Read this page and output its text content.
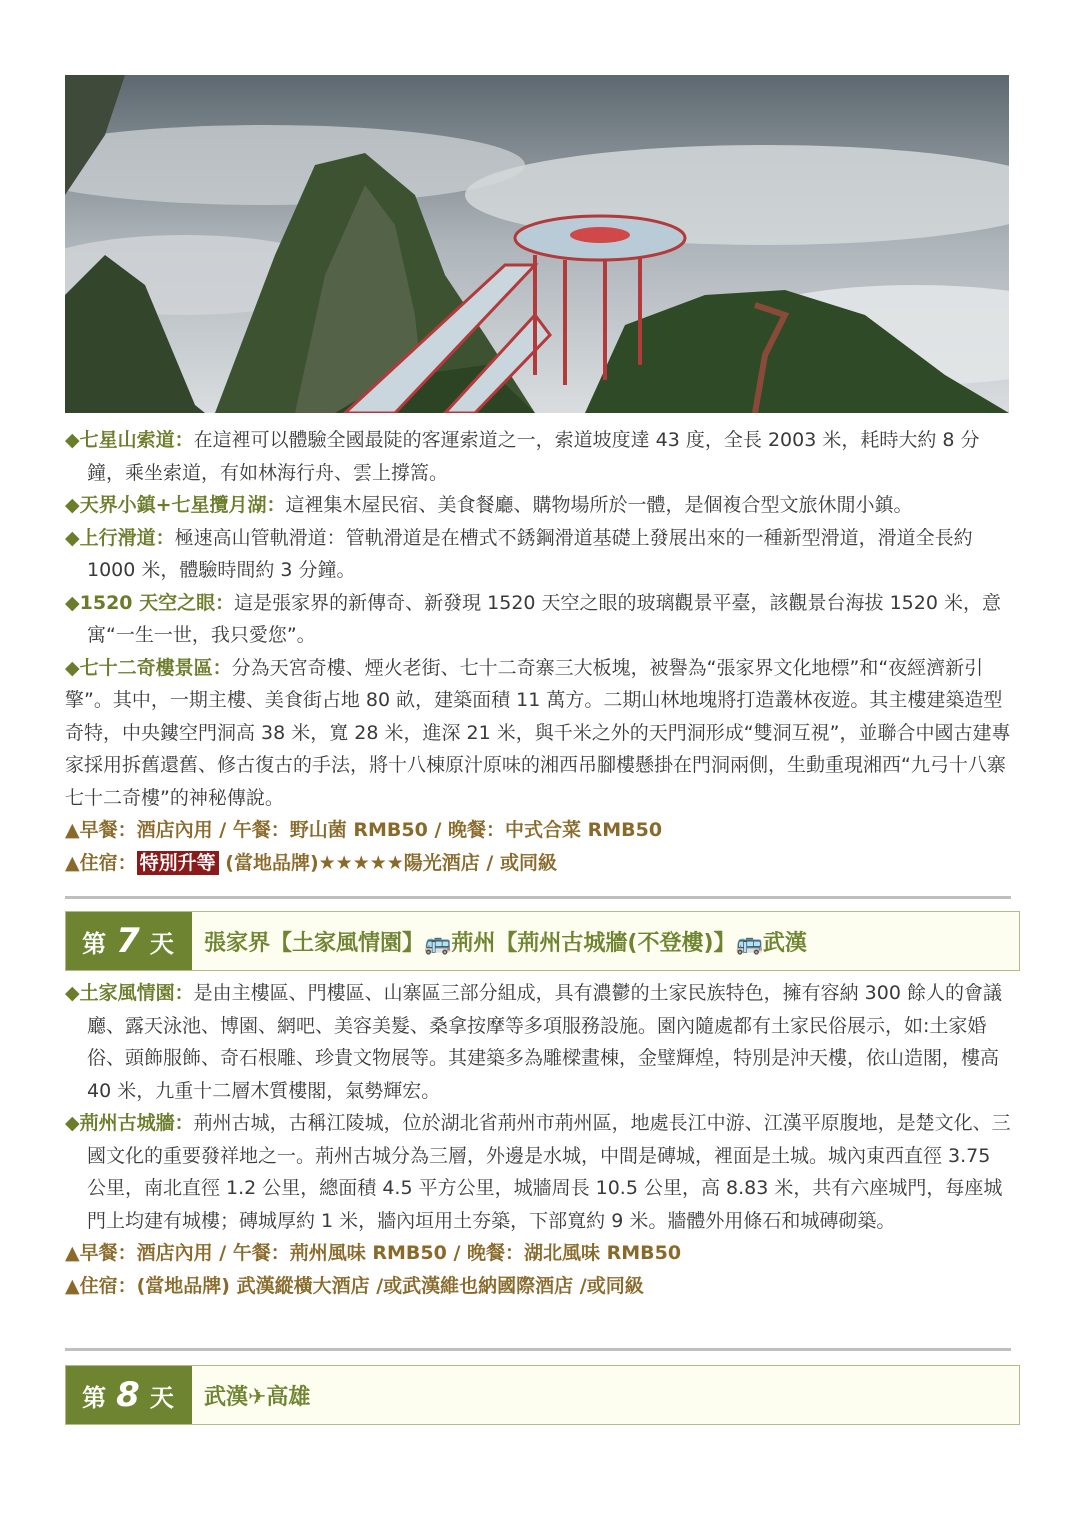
◆七星山索道：在這裡可以體驗全國最陡的客運索道之一，索道坡度達 43 度，全長 2003 米，耗時大約 8 分鐘，乘坐索道，有如林海行舟、雲上撐篙。
◆天界小鎮+七星攬月湖：這裡集木屋民宿、美食餐廳、購物場所於一體，是個複合型文旅休閒小鎮。
◆上行滑道：極速高山管軌滑道：管軌滑道是在槽式不銹鋼滑道基礎上發展出來的一種新型滑道，滑道全長約 1000 米，體驗時間約 3 分鐘。
◆1520 天空之眼：這是張家界的新傳奇、新發現 1520 天空之眼的玻璃觀景平臺，該觀景台海拔 1520 米，意寓“一生一世，我只愛您”。
◆七十二奇樓景區：分為天宮奇樓、煙火老街、七十二奇寨三大板塊，被譽為“張家界文化地標”和“夜經濟新引擎”。其中，一期主樓、美食街占地 80 畝，建築面積 11 萬方。二期山林地塊將打造叢林夜遊。其主樓建築造型奇特，中央鏤空門洞高 38 米，寬 28 米，進深 21 米，與千米之外的天門洞形成“雙洞互視”，並聯合中國古建專家採用拆舊還舊、修古復古的手法，將十八棟原汁原味的湘西吊腳樓懸掛在門洞兩側，生動重現湘西“九弓十八寨七十二奇樓”的神秘傳說。
▲早餐：酒店內用 / 午餐：野山菌 RMB50 / 晚餐：中式合菜 RMB50
▲住宿： 特別升等 (當地品牌)★★★★★陽光酒店 / 或同級
第 7 天 張家界【土家風情園】🚌荊州【荊州古城牆(不登樓)】🚌武漢
◆土家風情園：是由主樓區、門樓區、山寨區三部分組成，具有濃鬱的土家民族特色，擁有容納 300 餘人的會議廳、露天泳池、博園、網吧、美容美髮、桑拿按摩等多項服務設施。園內隨處都有土家民俗展示，如:土家婚俗、頭飾服飾、奇石根雕、珍貴文物展等。其建築多為雕樑畫棟，金璧輝煌，特別是沖天樓，依山造閣，樓高 40 米，九重十二層木質樓閣，氣勢輝宏。
◆荊州古城牆：荊州古城，古稱江陵城，位於湖北省荊州市荊州區，地處長江中游、江漢平原腹地，是楚文化、三國文化的重要發祥地之一。荊州古城分為三層，外邊是水城，中間是磚城，裡面是土城。城內東西直徑 3.75 公里，南北直徑 1.2 公里，總面積 4.5 平方公里，城牆周長 10.5 公里，高 8.83 米，共有六座城門，每座城門上均建有城樓；磚城厚約 1 米，牆內垣用土夯築，下部寬約 9 米。牆體外用條石和城磚砌築。
▲早餐：酒店內用 / 午餐：荊州風味 RMB50 / 晚餐：湖北風味 RMB50
▲住宿：(當地品牌) 武漢縱橫大酒店 /或武漢維也納國際酒店 /或同級
第 8 天 武漢✈高雄
